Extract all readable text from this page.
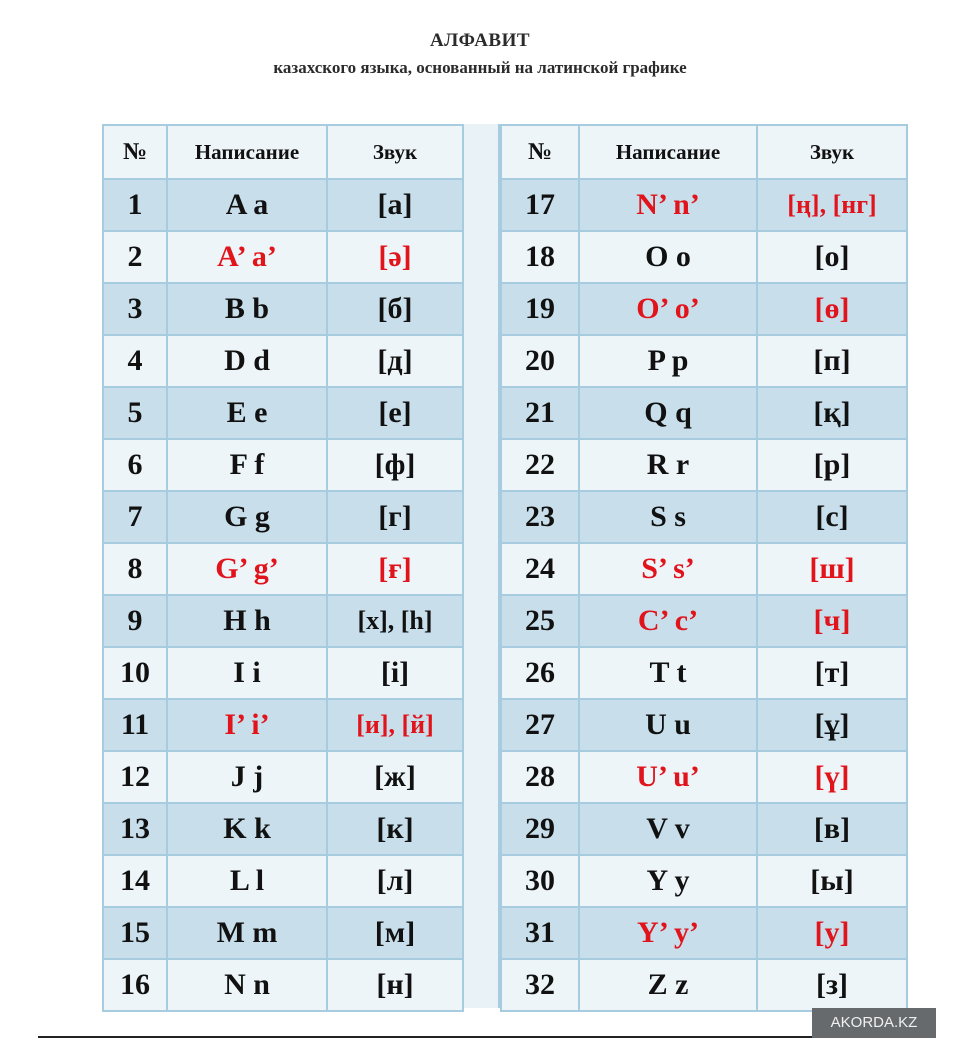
АЛФАВИТ
казахского языка, основанный на латинской графике
№	Написание	Звук
1	A a	[а]
2	A’ a’	[ә]
3	B b	[б]
4	D d	[д]
5	E e	[е]
6	F f	[ф]
7	G g	[г]
8	G’ g’	[ғ]
9	H h	[х], [h]
10	I i	[і]
11	I’ i’	[и], [й]
12	J j	[ж]
13	K k	[к]
14	L l	[л]
15	M m	[м]
16	N n	[н]
№	Написание	Звук
17	N’ n’	[ң], [нг]
18	O o	[о]
19	O’ o’	[ө]
20	P p	[п]
21	Q q	[қ]
22	R r	[р]
23	S s	[с]
24	S’ s’	[ш]
25	C’ c’	[ч]
26	T t	[т]
27	U u	[ұ]
28	U’ u’	[ү]
29	V v	[в]
30	Y y	[ы]
31	Y’ y’	[у]
32	Z z	[з]
AKORDA.KZ
